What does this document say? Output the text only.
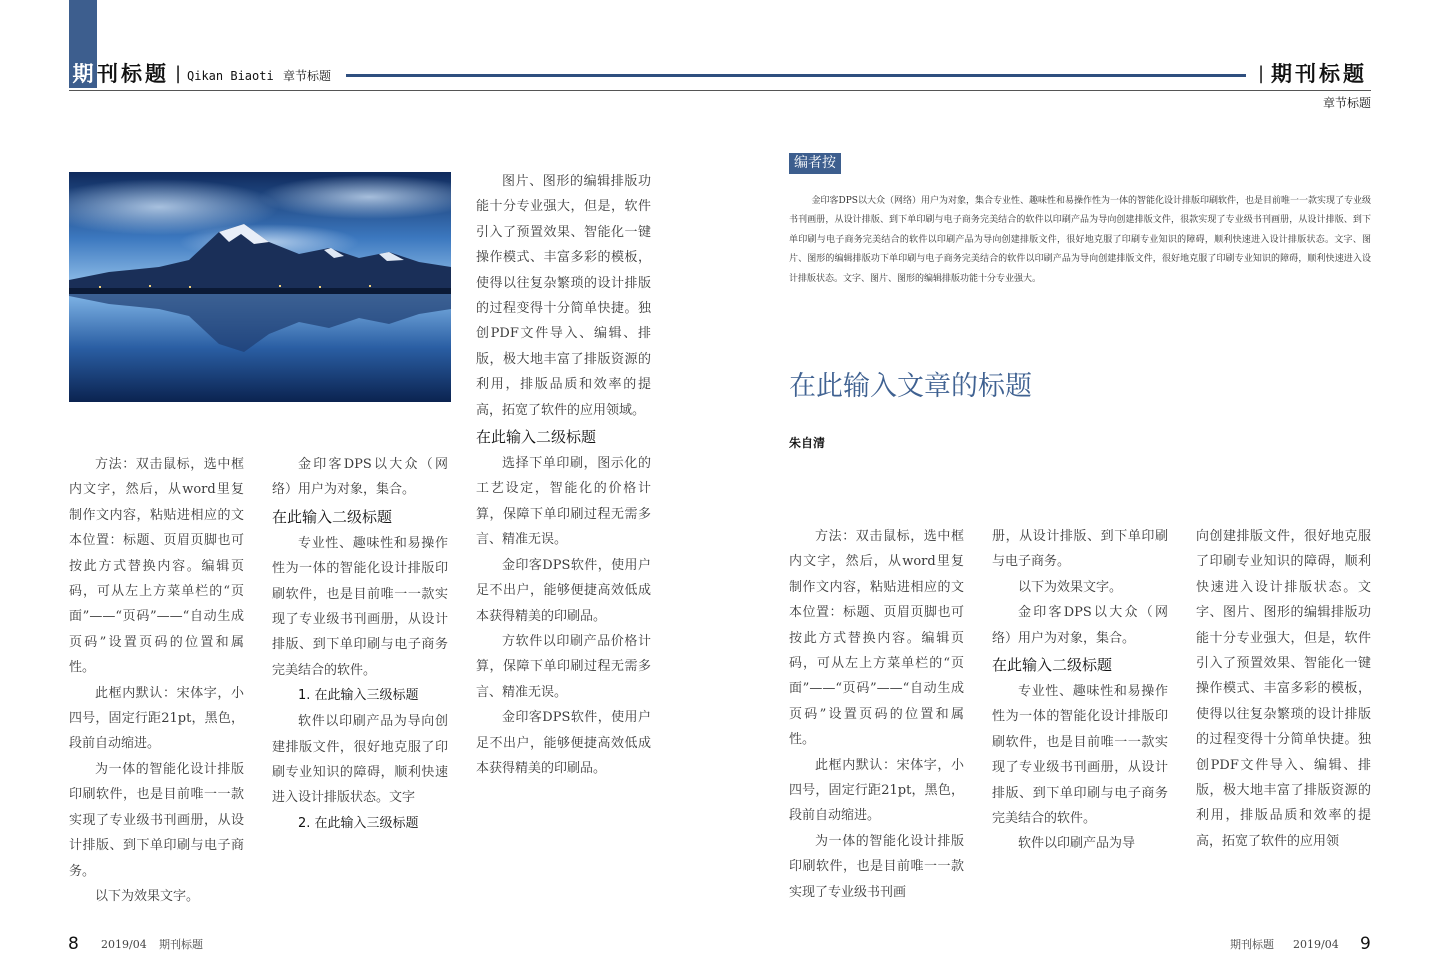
期 刊标题 | Qikan Biaoti 章节标题	| 期刊标题
章节标题

方法：双击鼠标，选中框内文字，然后，从word里复制作文内容，粘贴进相应的文本位置：标题、页眉页脚也可按此方式替换内容。编辑页码，可从左上方菜单栏的“页面”——“页码”——“自动生成页码”设置页码的位置和属性。

此框内默认：宋体字，小四号，固定行距21pt，黑色，段前自动缩进。

为一体的智能化设计排版印刷软件，也是目前唯一一款实现了专业级书刊画册，从设计排版、到下单印刷与电子商务。

以下为效果文字。

金印客DPS以大众（网络）用户为对象，集合。

在此输入二级标题

专业性、趣味性和易操作性为一体的智能化设计排版印刷软件，也是目前唯一一款实现了专业级书刊画册，从设计排版、到下单印刷与电子商务完美结合的软件。

1. 在此输入三级标题

软件以印刷产品为导向创建排版文件，很好地克服了印刷专业知识的障碍，顺利快速进入设计排版状态。文字

2. 在此输入三级标题

图片、图形的编辑排版功能十分专业强大，但是，软件引入了预置效果、智能化一键操作模式、丰富多彩的模板，使得以往复杂繁琐的设计排版的过程变得十分简单快捷。独创PDF文件导入、编辑、排版，极大地丰富了排版资源的利用，排版品质和效率的提高，拓宽了软件的应用领域。

在此输入二级标题

选择下单印刷，图示化的工艺设定，智能化的价格计算，保障下单印刷过程无需多言、精准无误。

金印客DPS软件，使用户足不出户，能够便捷高效低成本获得精美的印刷品。

方软件以印刷产品价格计算，保障下单印刷过程无需多言、精准无误。

金印客DPS软件，使用户足不出户，能够便捷高效低成本获得精美的印刷品。

8 2019/04 期刊标题
编者按
金印客DPS以大众（网络）用户为对象，集合专业性、趣味性和易操作性为一体的智能化设计排版印刷软件，也是目前唯一一款实现了专业级书刊画册，从设计排版、到下单印刷与电子商务完美结合的软件以印刷产品为导向创建排版文件，很款实现了专业级书刊画册，从设计排版、到下单印刷与电子商务完美结合的软件以印刷产品为导向创建排版文件，很好地克服了印刷专业知识的障碍，顺利快速进入设计排版状态。文字、图片、图形的编辑排版功下单印刷与电子商务完美结合的软件以印刷产品为导向创建排版文件，很好地克服了印刷专业知识的障碍，顺利快速进入设计排版状态。文字、图片、图形的编辑排版功能十分专业强大。
在此输入文章的标题
朱自清

方法：双击鼠标，选中框内文字，然后，从word里复制作文内容，粘贴进相应的文本位置：标题、页眉页脚也可按此方式替换内容。编辑页码，可从左上方菜单栏的“页面”——“页码”——“自动生成页码”设置页码的位置和属性。

此框内默认：宋体字，小四号，固定行距21pt，黑色，段前自动缩进。

为一体的智能化设计排版印刷软件，也是目前唯一一款实现了专业级书刊画

册，从设计排版、到下单印刷与电子商务。

以下为效果文字。

金印客DPS以大众（网络）用户为对象，集合。

在此输入二级标题

专业性、趣味性和易操作性为一体的智能化设计排版印刷软件，也是目前唯一一款实现了专业级书刊画册，从设计排版、到下单印刷与电子商务完美结合的软件。

软件以印刷产品为导

向创建排版文件，很好地克服了印刷专业知识的障碍，顺利快速进入设计排版状态。文字、图片、图形的编辑排版功能十分专业强大，但是，软件引入了预置效果、智能化一键操作模式、丰富多彩的模板，使得以往复杂繁琐的设计排版的过程变得十分简单快捷。独创PDF文件导入、编辑、排版，极大地丰富了排版资源的利用，排版品质和效率的提高，拓宽了软件的应用领

期刊标题 2019/04 9
